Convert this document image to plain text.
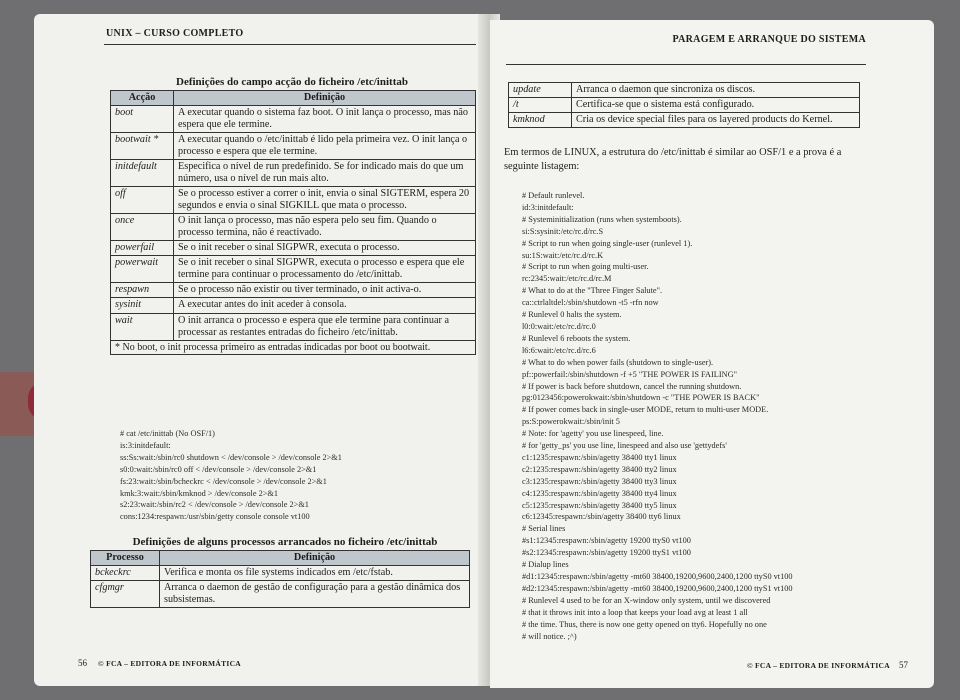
UNIX – CURSO COMPLETO
Definições do campo acção do ficheiro /etc/inittab
Acção	Definição
boot	A executar quando o sistema faz boot. O init lança o processo, mas não espera que ele termine.
bootwait *	A executar quando o /etc/inittab é lido pela primeira vez. O init lança o processo e espera que ele termine.
initdefault	Especifica o nível de run predefinido. Se for indicado mais do que um número, usa o nível de run mais alto.
off	Se o processo estiver a correr o init, envia o sinal SIGTERM, espera 20 segundos e envia o sinal SIGKILL que mata o processo.
once	O init lança o processo, mas não espera pelo seu fim. Quando o processo termina, não é reactivado.
powerfail	Se o init receber o sinal SIGPWR, executa o processo.
powerwait	Se o init receber o sinal SIGPWR, executa o processo e espera que ele termine para continuar o processamento do /etc/inittab.
respawn	Se o processo não existir ou tiver terminado, o init activa-o.
sysinit	A executar antes do init aceder à consola.
wait	O init arranca o processo e espera que ele termine para continuar a processar as restantes entradas do ficheiro /etc/inittab.
* No boot, o init processa primeiro as entradas indicadas por boot ou bootwait.	
# cat /etc/inittab (No OSF/1)
is:3:initdefault:
ss:Ss:wait:/sbin/rc0 shutdown < /dev/console > /dev/console 2>&1
s0:0:wait:/sbin/rc0 off < /dev/console > /dev/console 2>&1
fs:23:wait:/sbin/bcheckrc < /dev/console > /dev/console 2>&1
kmk:3:wait:/sbin/kmknod > /dev/console 2>&1
s2:23:wait:/sbin/rc2 < /dev/console > /dev/console 2>&1
cons:1234:respawn:/usr/sbin/getty console console vt100
Definições de alguns processos arrancados no ficheiro /etc/inittab
Processo	Definição
bckeckrc	Verifica e monta os file systems indicados em /etc/fstab.
cfgmgr	Arranca o daemon de gestão de configuração para a gestão dinâmica dos subsistemas.
56 © FCA – EDITORA DE INFORMÁTICA
PARAGEM E ARRANQUE DO SISTEMA
update	Arranca o daemon que sincroniza os discos.
/t	Certifica-se que o sistema está configurado.
kmknod	Cria os device special files para os layered products do Kernel.
Em termos de LINUX, a estrutura do /etc/inittab é similar ao OSF/1 e a prova é a seguinte listagem:
# Default runlevel.
id:3:initdefault:
# Systeminitialization (runs when systemboots).
si:S:sysinit:/etc/rc.d/rc.S
# Script to run when going single-user (runlevel 1).
su:1S:wait:/etc/rc.d/rc.K
# Script to run when going multi-user.
rc:2345:wait:/etc/rc.d/rc.M
# What to do at the "Three Finger Salute".
ca::ctrlaltdel:/sbin/shutdown -t5 -rfn now
# Runlevel 0 halts the system.
l0:0:wait:/etc/rc.d/rc.0
# Runlevel 6 reboots the system.
l6:6:wait:/etc/rc.d/rc.6
# What to do when power fails (shutdown to single-user).
pf::powerfail:/sbin/shutdown -f +5 "THE POWER IS FAILING"
# If power is back before shutdown, cancel the running shutdown.
pg:0123456:powerokwait:/sbin/shutdown -c "THE POWER IS BACK"
# If power comes back in single-user MODE, return to multi-user MODE.
ps:S:powerokwait:/sbin/init 5
# Note: for 'agetty' you use linespeed, line.
# for 'getty_ps' you use line, linespeed and also use 'gettydefs'
c1:1235:respawn:/sbin/agetty 38400 tty1 linux
c2:1235:respawn:/sbin/agetty 38400 tty2 linux
c3:1235:respawn:/sbin/agetty 38400 tty3 linux
c4:1235:respawn:/sbin/agetty 38400 tty4 linux
c5:1235:respawn:/sbin/agetty 38400 tty5 linux
c6:12345:respawn:/sbin/agetty 38400 tty6 linux
# Serial lines
#s1:12345:respawn:/sbin/agetty 19200 ttyS0 vt100
#s2:12345:respawn:/sbin/agetty 19200 ttyS1 vt100
# Dialup lines
#d1:12345:respawn:/sbin/agetty -mt60 38400,19200,9600,2400,1200 ttyS0 vt100
#d2:12345:respawn:/sbin/agetty -mt60 38400,19200,9600,2400,1200 ttyS1 vt100
# Runlevel 4 used to be for an X-window only system, until we discovered
# that it throws init into a loop that keeps your load avg at least 1 all
# the time. Thus, there is now one getty opened on tty6. Hopefully no one
# will notice. ;^)
© FCA – EDITORA DE INFORMÁTICA 57
